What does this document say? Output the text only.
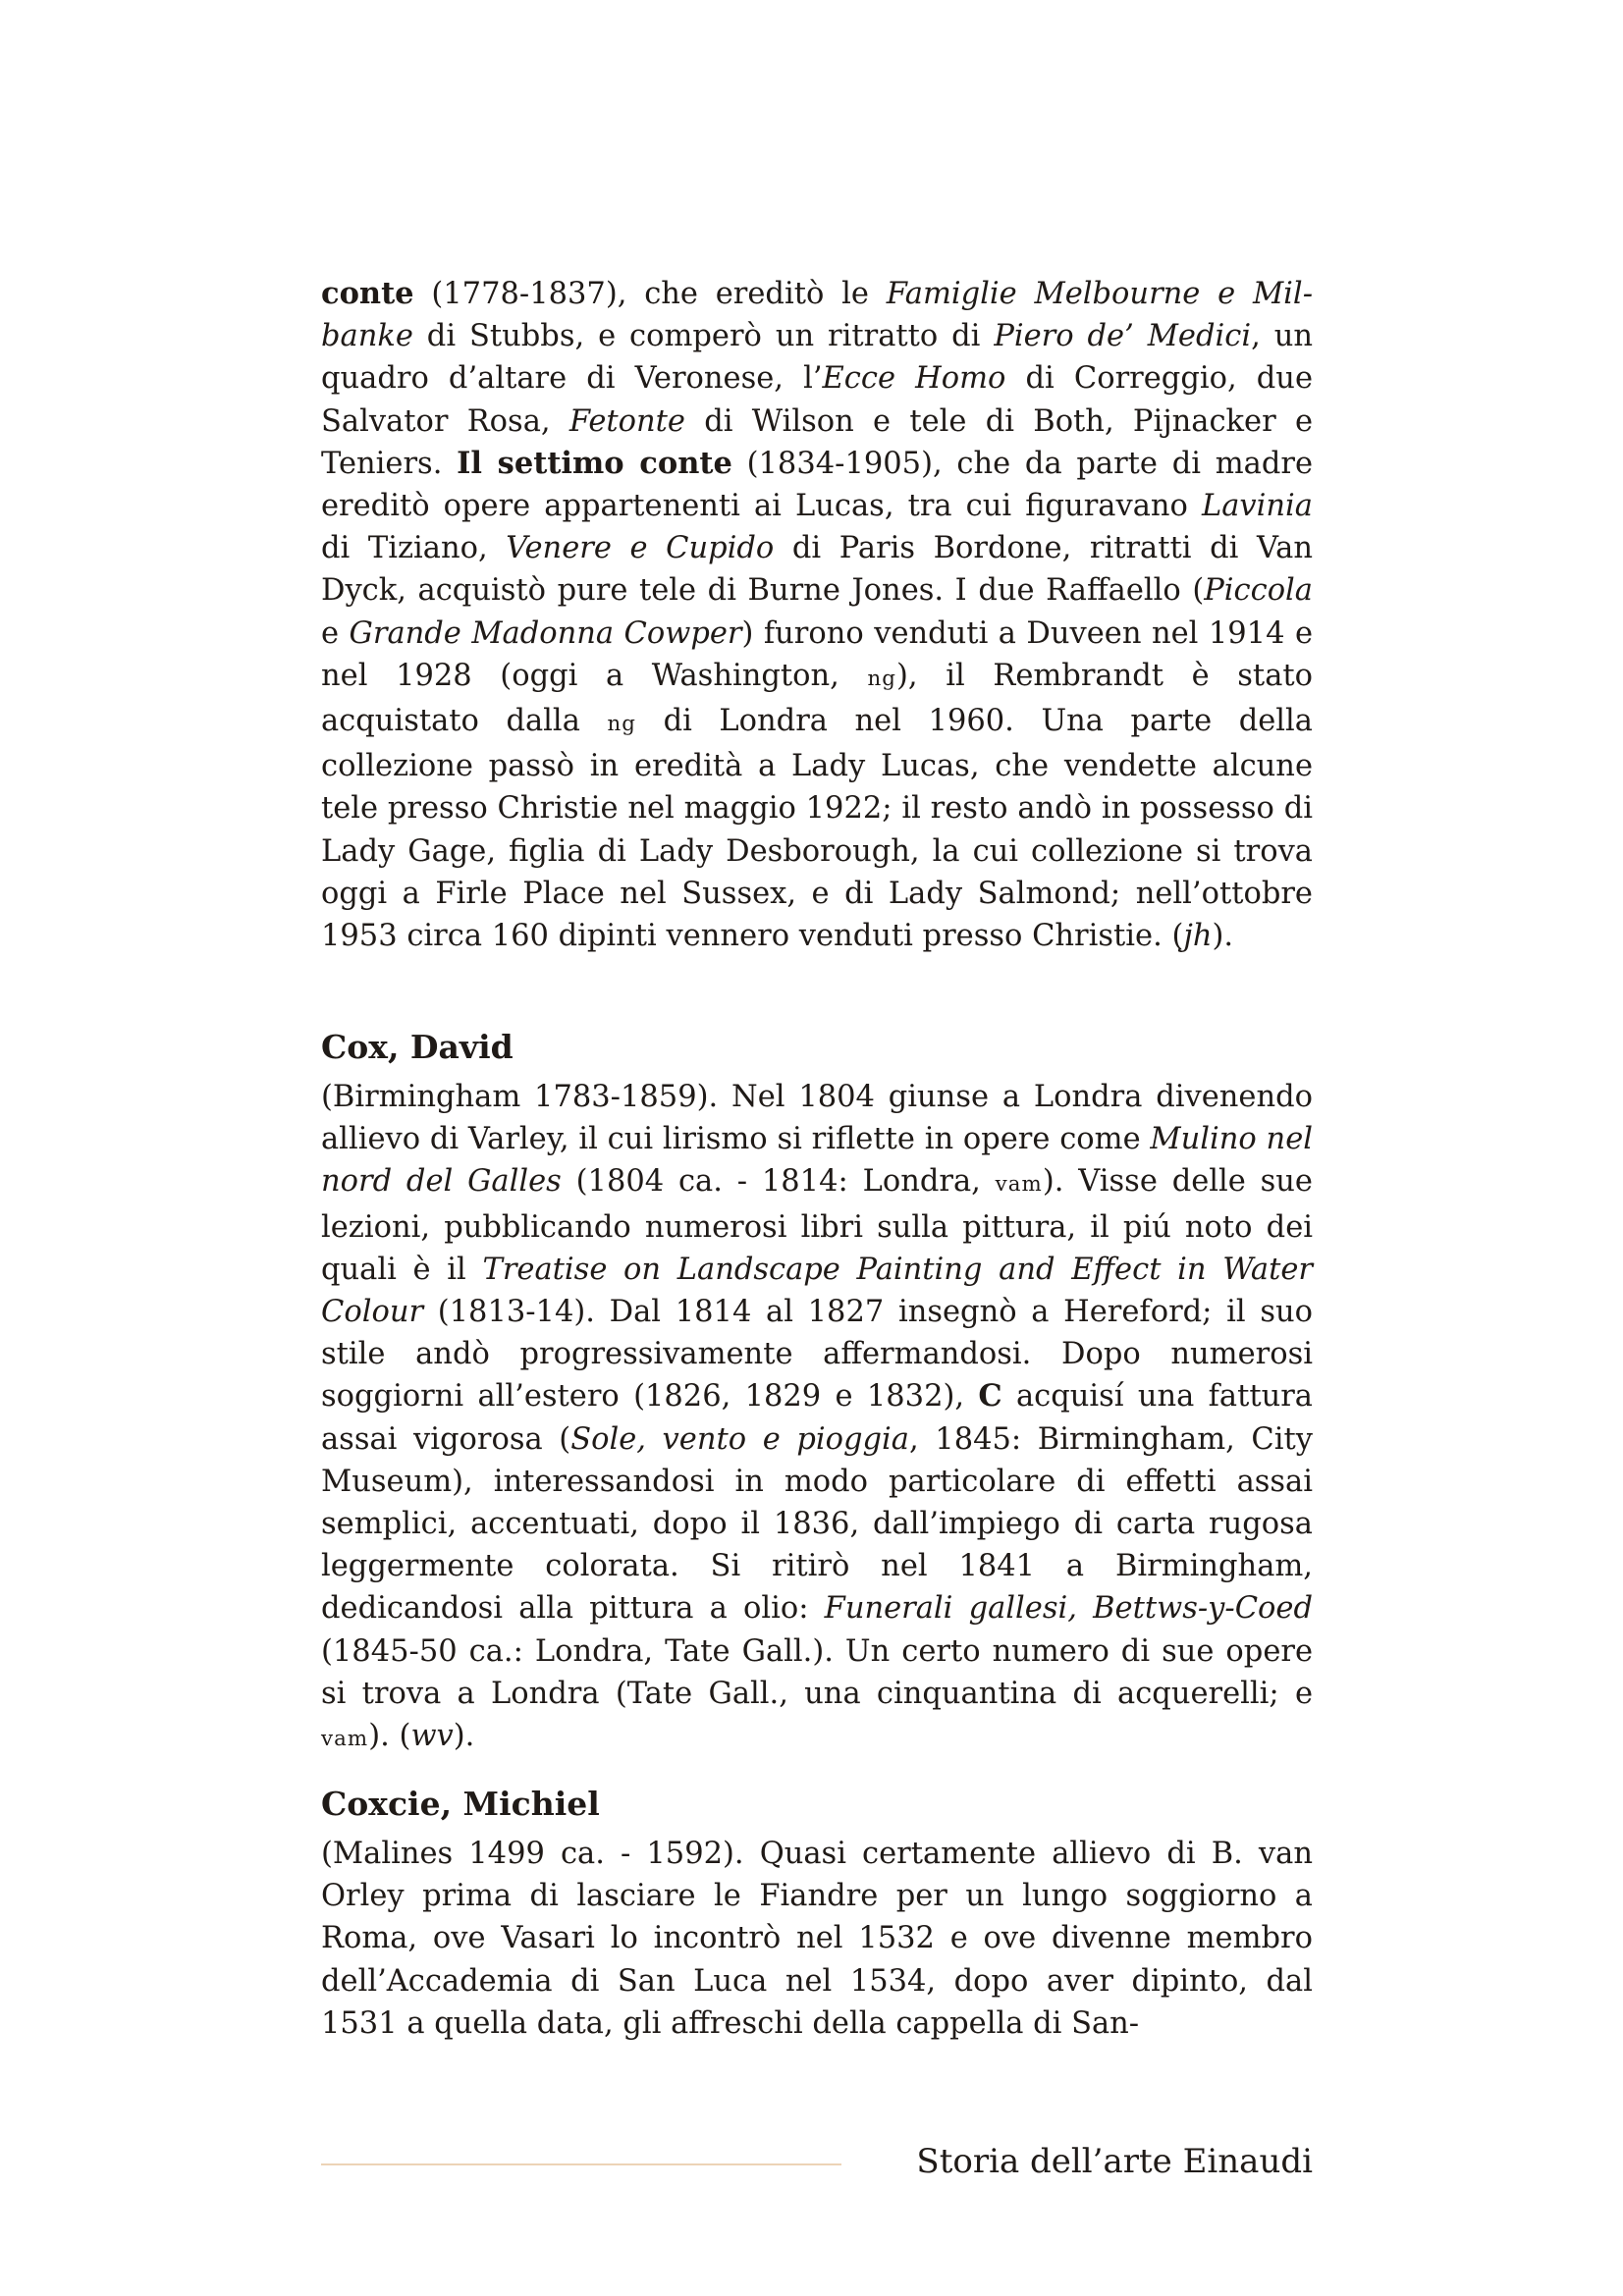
conte (1778-1837), che ereditò le Famiglie Melbourne e Milbanke di Stubbs, e comperò un ritratto di Piero de’ Medici, un quadro d’altare di Veronese, l’Ecce Homo di Correggio, due Salvator Rosa, Fetonte di Wilson e tele di Both, Pijnacker e Teniers. Il settimo conte (1834-1905), che da parte di madre ereditò opere appartenenti ai Lucas, tra cui figuravano Lavinia di Tiziano, Venere e Cupido di Paris Bordone, ritratti di Van Dyck, acquistò pure tele di Burne Jones. I due Raffaello (Piccola e Grande Madonna Cowper) furono venduti a Duveen nel 1914 e nel 1928 (oggi a Washington, ng), il Rembrandt è stato acquistato dalla ng di Londra nel 1960. Una parte della collezione passò in eredità a Lady Lucas, che vendette alcune tele presso Christie nel maggio 1922; il resto andò in possesso di Lady Gage, figlia di Lady Desborough, la cui collezione si trova oggi a Firle Place nel Sussex, e di Lady Salmond; nell’ottobre 1953 circa 160 dipinti vennero venduti presso Christie. (jh).

Cox, David

(Birmingham 1783-1859). Nel 1804 giunse a Londra divenendo allievo di Varley, il cui lirismo si riflette in opere come Mulino nel nord del Galles (1804 ca. - 1814: Londra, vam). Visse delle sue lezioni, pubblicando numerosi libri sulla pittura, il piú noto dei quali è il Treatise on Landscape Painting and Effect in Water Colour (1813-14). Dal 1814 al 1827 insegnò a Hereford; il suo stile andò progressivamente affermandosi. Dopo numerosi soggiorni all’estero (1826, 1829 e 1832), C acquisí una fattura assai vigorosa (Sole, vento e pioggia, 1845: Birmingham, City Museum), interessandosi in modo particolare di effetti assai semplici, accentuati, dopo il 1836, dall’impiego di carta rugosa leggermente colorata. Si ritirò nel 1841 a Birmingham, dedicandosi alla pittura a olio: Funerali gallesi, Bettws-y-Coed (1845-50 ca.: Londra, Tate Gall.). Un certo numero di sue opere si trova a Londra (Tate Gall., una cinquantina di acquerelli; e vam). (wv).

Coxcie, Michiel

(Malines 1499 ca. - 1592). Quasi certamente allievo di B. van Orley prima di lasciare le Fiandre per un lungo soggiorno a Roma, ove Vasari lo incontrò nel 1532 e ove divenne membro dell’Accademia di San Luca nel 1534, dopo aver dipinto, dal 1531 a quella data, gli affreschi della cappella di San-

Storia dell’arte Einaudi
